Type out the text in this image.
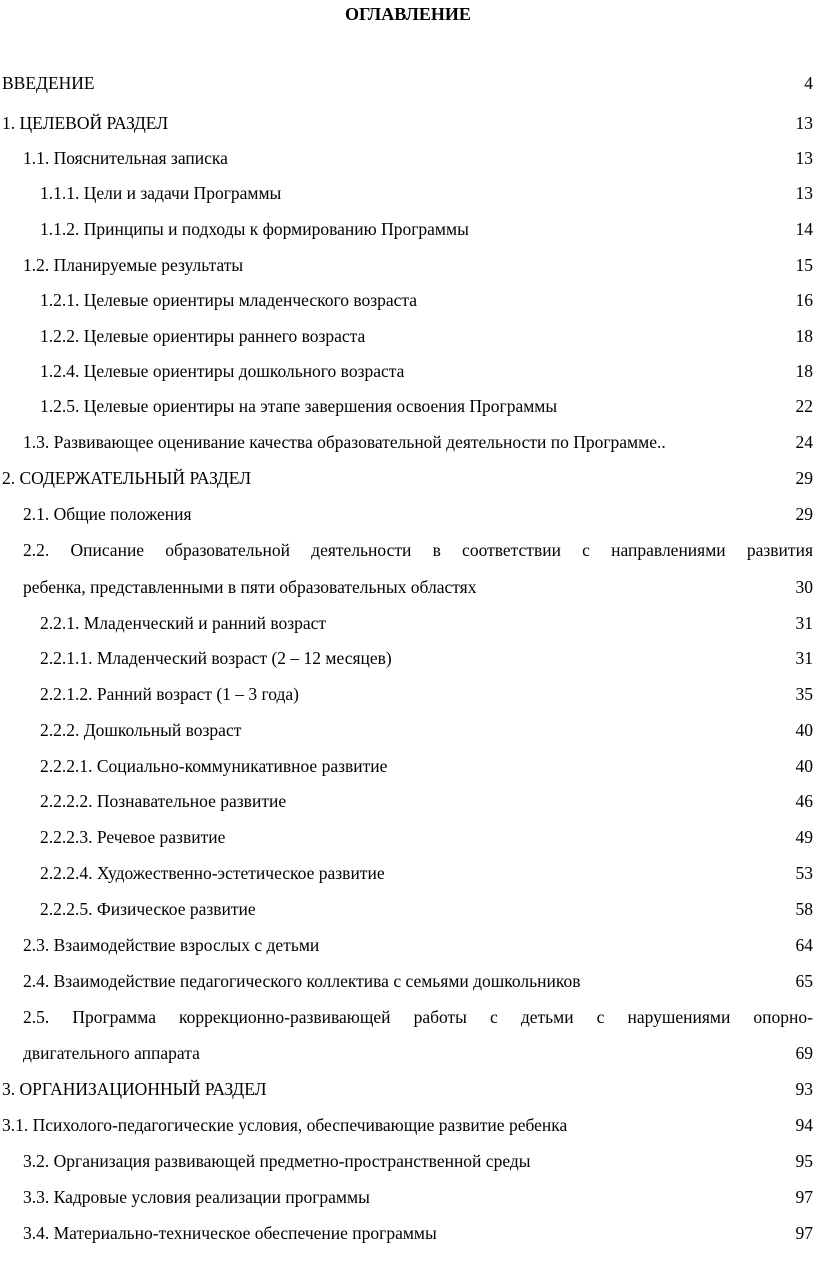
ОГЛАВЛЕНИЕ
ВВЕДЕНИЕ	4
1. ЦЕЛЕВОЙ РАЗДЕЛ	13
1.1. Пояснительная записка	13
1.1.1. Цели и задачи Программы	13
1.1.2. Принципы и подходы к формированию Программы	14
1.2. Планируемые результаты	15
1.2.1. Целевые ориентиры младенческого возраста	16
1.2.2. Целевые ориентиры раннего возраста	18
1.2.4. Целевые ориентиры дошкольного возраста	18
1.2.5. Целевые ориентиры на этапе завершения освоения Программы	22
1.3. Развивающее оценивание качества образовательной деятельности по Программе..	24
2. СОДЕРЖАТЕЛЬНЫЙ РАЗДЕЛ	29
2.1. Общие положения	29
2.2. Описание образовательной деятельности в соответствии с направлениями развития
ребенка, представленными в пяти образовательных областях	30
2.2.1. Младенческий и ранний возраст	31
2.2.1.1. Младенческий возраст (2 – 12 месяцев)	31
2.2.1.2. Ранний возраст (1 – 3 года)	35
2.2.2. Дошкольный возраст	40
2.2.2.1. Социально-коммуникативное развитие	40
2.2.2.2. Познавательное развитие	46
2.2.2.3. Речевое развитие	49
2.2.2.4. Художественно-эстетическое развитие	53
2.2.2.5. Физическое развитие	58
2.3. Взаимодействие взрослых с детьми	64
2.4. Взаимодействие педагогического коллектива с семьями дошкольников	65
2.5. Программа коррекционно-развивающей работы с детьми с нарушениями опорно-
двигательного аппарата	69
3. ОРГАНИЗАЦИОННЫЙ РАЗДЕЛ	93
3.1. Психолого-педагогические условия, обеспечивающие развитие ребенка	94
3.2. Организация развивающей предметно-пространственной среды	95
3.3. Кадровые условия реализации программы	97
3.4. Материально-техническое обеспечение программы	97
